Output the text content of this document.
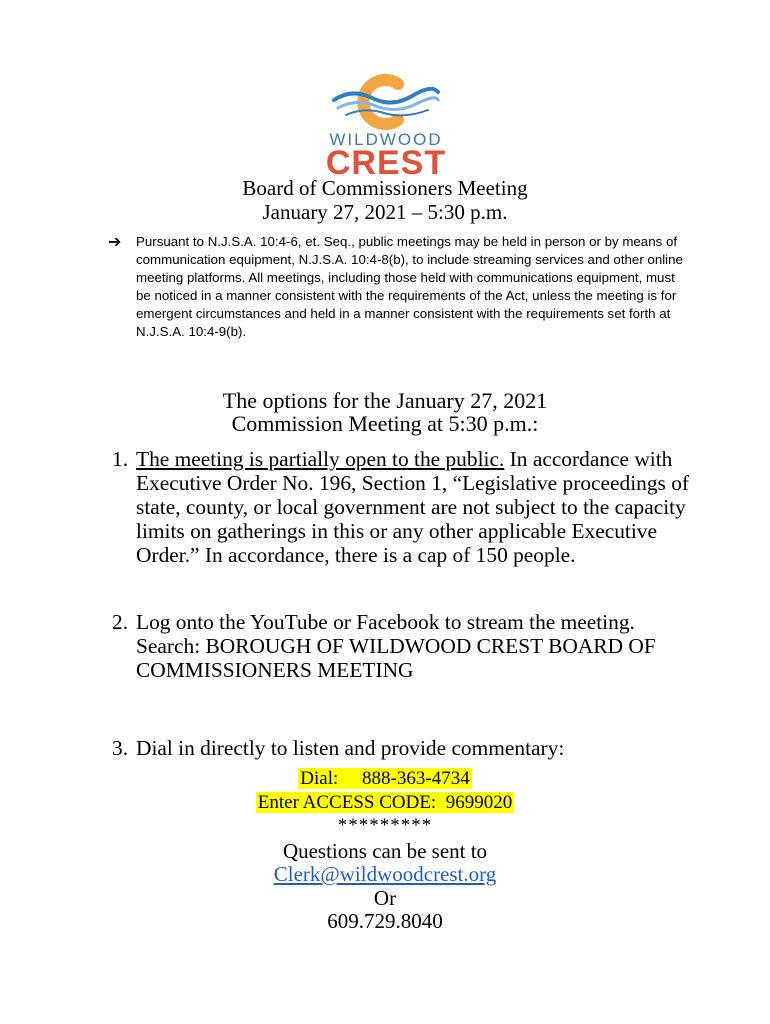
WILDWOOD
CREST
Board of Commissioners Meeting
January 27, 2021 – 5:30 p.m.
➔ Pursuant to N.J.S.A. 10:4-6, et. Seq., public meetings may be held in person or by means of communication equipment, N.J.S.A. 10:4-8(b), to include streaming services and other online meeting platforms. All meetings, including those held with communications equipment, must be noticed in a manner consistent with the requirements of the Act, unless the meeting is for emergent circumstances and held in a manner consistent with the requirements set forth at N.J.S.A. 10:4-9(b).

The options for the January 27, 2021
Commission Meeting at 5:30 p.m.:
1. The meeting is partially open to the public. In accordance with Executive Order No. 196, Section 1, “Legislative proceedings of state, county, or local government are not subject to the capacity limits on gatherings in this or any other applicable Executive Order.” In accordance, there is a cap of 150 people.
2. Log onto the YouTube or Facebook to stream the meeting. Search: BOROUGH OF WILDWOOD CREST BOARD OF COMMISSIONERS MEETING
3. Dial in directly to listen and provide commentary:
Dial:     888-363-4734
Enter ACCESS CODE:  9699020
*********
Questions can be sent to
Clerk@wildwoodcrest.org
Or
609.729.8040
